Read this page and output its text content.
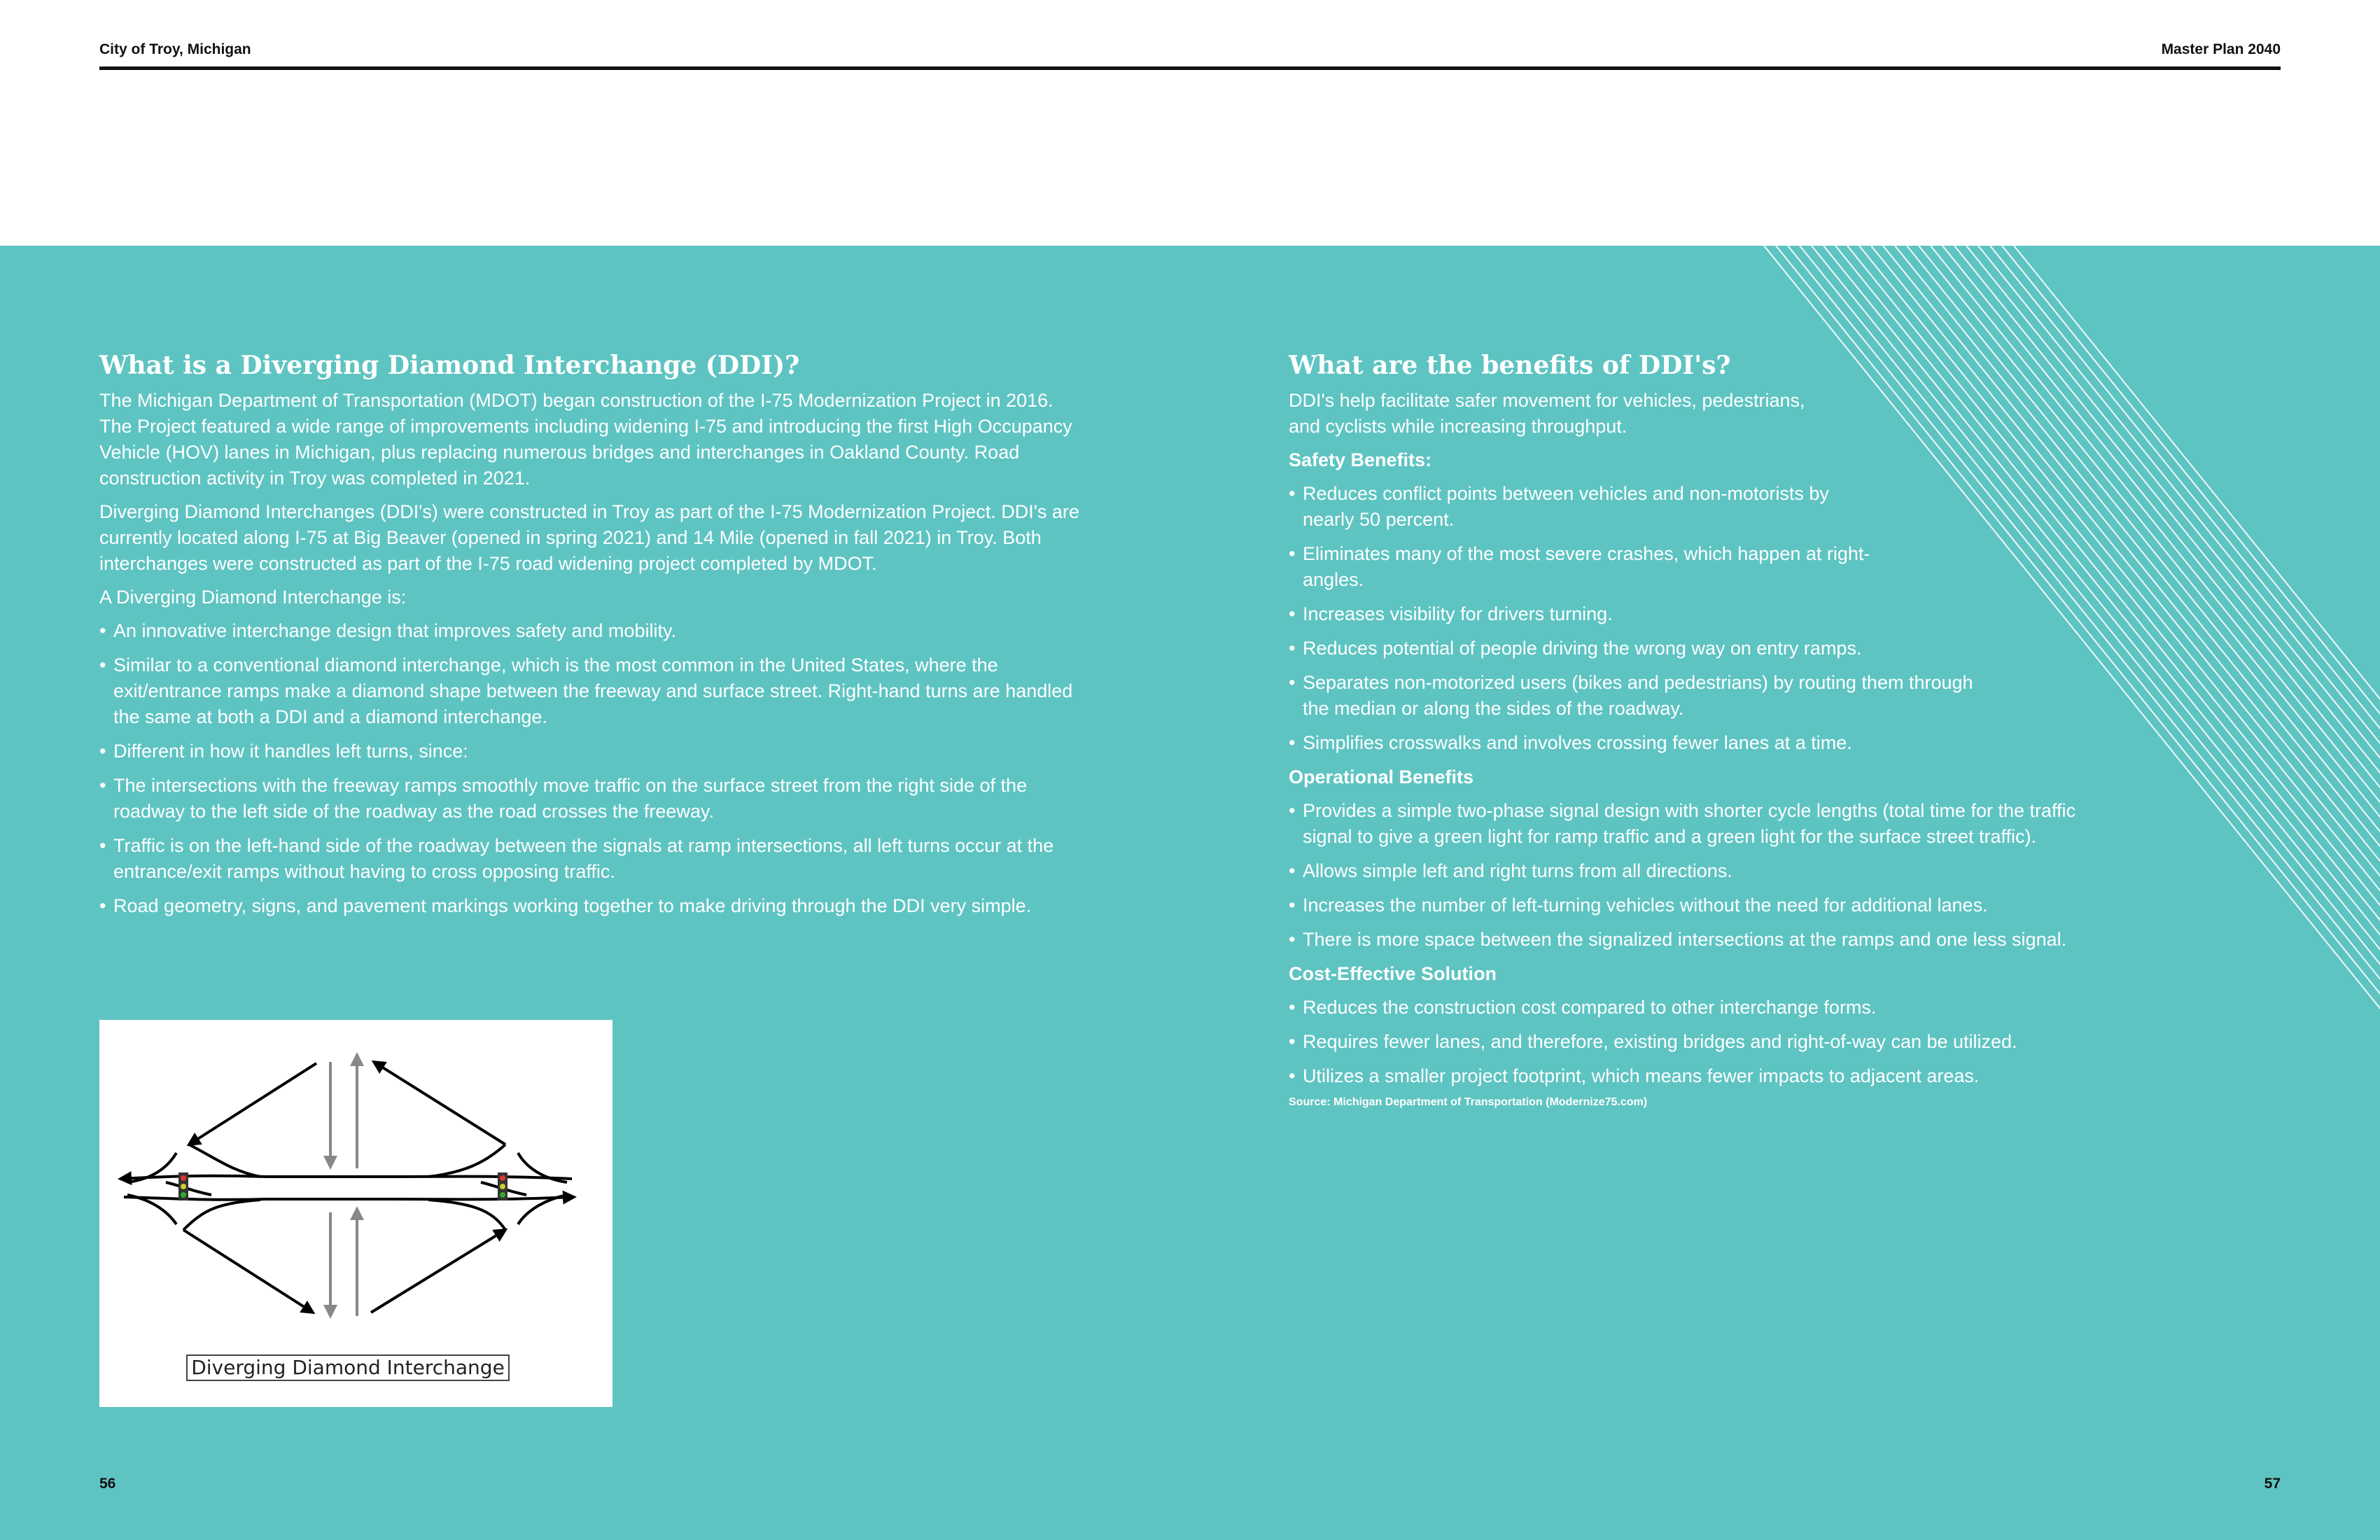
City of Troy, Michigan	Master Plan 2040
What is a Diverging Diamond Interchange (DDI)?

The Michigan Department of Transportation (MDOT) began construction of the I-75 Modernization Project in 2016. The Project featured a wide range of improvements including widening I-75 and introducing the first High Occupancy Vehicle (HOV) lanes in Michigan, plus replacing numerous bridges and interchanges in Oakland County. Road construction activity in Troy was completed in 2021.

Diverging Diamond Interchanges (DDI's) were constructed in Troy as part of the I-75 Modernization Project. DDI's are currently located along I-75 at Big Beaver (opened in spring 2021) and 14 Mile (opened in fall 2021) in Troy. Both interchanges were constructed as part of the I-75 road widening project completed by MDOT.

A Diverging Diamond Interchange is:

• An innovative interchange design that improves safety and mobility.
• Similar to a conventional diamond interchange, which is the most common in the United States, where the exit/entrance ramps make a diamond shape between the freeway and surface street. Right-hand turns are handled the same at both a DDI and a diamond interchange.
• Different in how it handles left turns, since:
• The intersections with the freeway ramps smoothly move traffic on the surface street from the right side of the roadway to the left side of the roadway as the road crosses the freeway.
• Traffic is on the left-hand side of the roadway between the signals at ramp intersections, all left turns occur at the entrance/exit ramps without having to cross opposing traffic.
• Road geometry, signs, and pavement markings working together to make driving through the DDI very simple.
Diverging Diamond Interchange
What are the benefits of DDI's?

DDI's help facilitate safer movement for vehicles, pedestrians, and cyclists while increasing throughput.

Safety Benefits:
• Reduces conflict points between vehicles and non-motorists by nearly 50 percent.
• Eliminates many of the most severe crashes, which happen at right-angles.
• Increases visibility for drivers turning.
• Reduces potential of people driving the wrong way on entry ramps.
• Separates non-motorized users (bikes and pedestrians) by routing them through the median or along the sides of the roadway.
• Simplifies crosswalks and involves crossing fewer lanes at a time.
Operational Benefits
• Provides a simple two-phase signal design with shorter cycle lengths (total time for the traffic signal to give a green light for ramp traffic and a green light for the surface street traffic).
• Allows simple left and right turns from all directions.
• Increases the number of left-turning vehicles without the need for additional lanes.
• There is more space between the signalized intersections at the ramps and one less signal.
Cost-Effective Solution
• Reduces the construction cost compared to other interchange forms.
• Requires fewer lanes, and therefore, existing bridges and right-of-way can be utilized.
• Utilizes a smaller project footprint, which means fewer impacts to adjacent areas.
Source: Michigan Department of Transportation (Modernize75.com)
56	57
